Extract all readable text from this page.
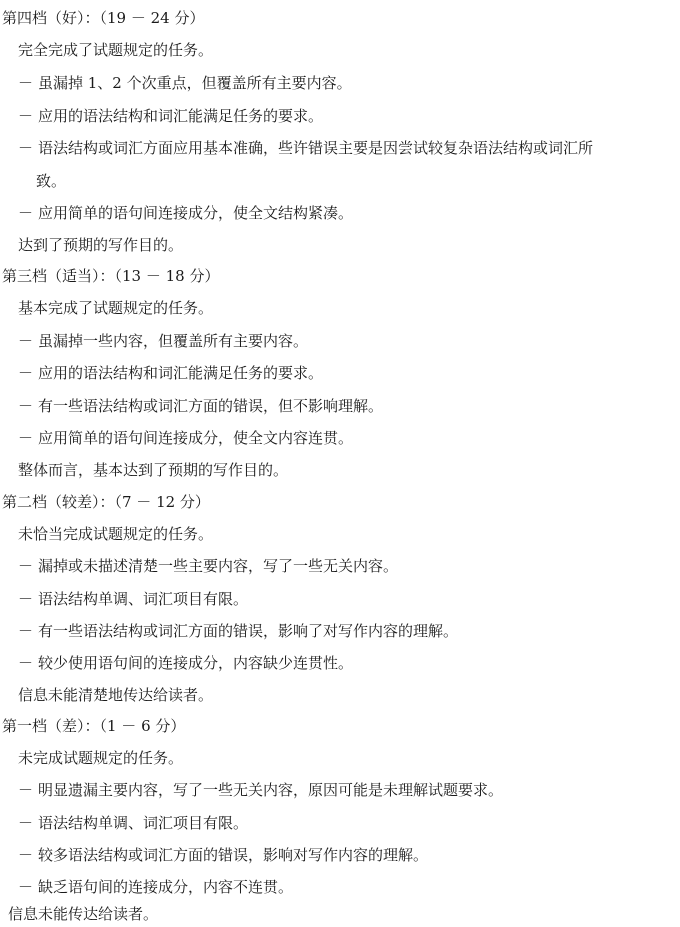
第四档（好）：（19 － 24 分）
完全完成了试题规定的任务。
－ 虽漏掉 1、2 个次重点，但覆盖所有主要内容。
－ 应用的语法结构和词汇能满足任务的要求。
－ 语法结构或词汇方面应用基本准确，些许错误主要是因尝试较复杂语法结构或词汇所
致。
－ 应用简单的语句间连接成分，使全文结构紧凑。
达到了预期的写作目的。
第三档（适当）：（13 － 18 分）
基本完成了试题规定的任务。
－ 虽漏掉一些内容，但覆盖所有主要内容。
－ 应用的语法结构和词汇能满足任务的要求。
－ 有一些语法结构或词汇方面的错误，但不影响理解。
－ 应用简单的语句间连接成分，使全文内容连贯。
整体而言，基本达到了预期的写作目的。
第二档（较差）：（7 － 12 分）
未恰当完成试题规定的任务。
－ 漏掉或未描述清楚一些主要内容，写了一些无关内容。
－ 语法结构单调、词汇项目有限。
－ 有一些语法结构或词汇方面的错误，影响了对写作内容的理解。
－ 较少使用语句间的连接成分，内容缺少连贯性。
信息未能清楚地传达给读者。
第一档（差）：（1 － 6 分）
未完成试题规定的任务。
－ 明显遗漏主要内容，写了一些无关内容，原因可能是未理解试题要求。
－ 语法结构单调、词汇项目有限。
－ 较多语法结构或词汇方面的错误，影响对写作内容的理解。
－ 缺乏语句间的连接成分，内容不连贯。
信息未能传达给读者。
